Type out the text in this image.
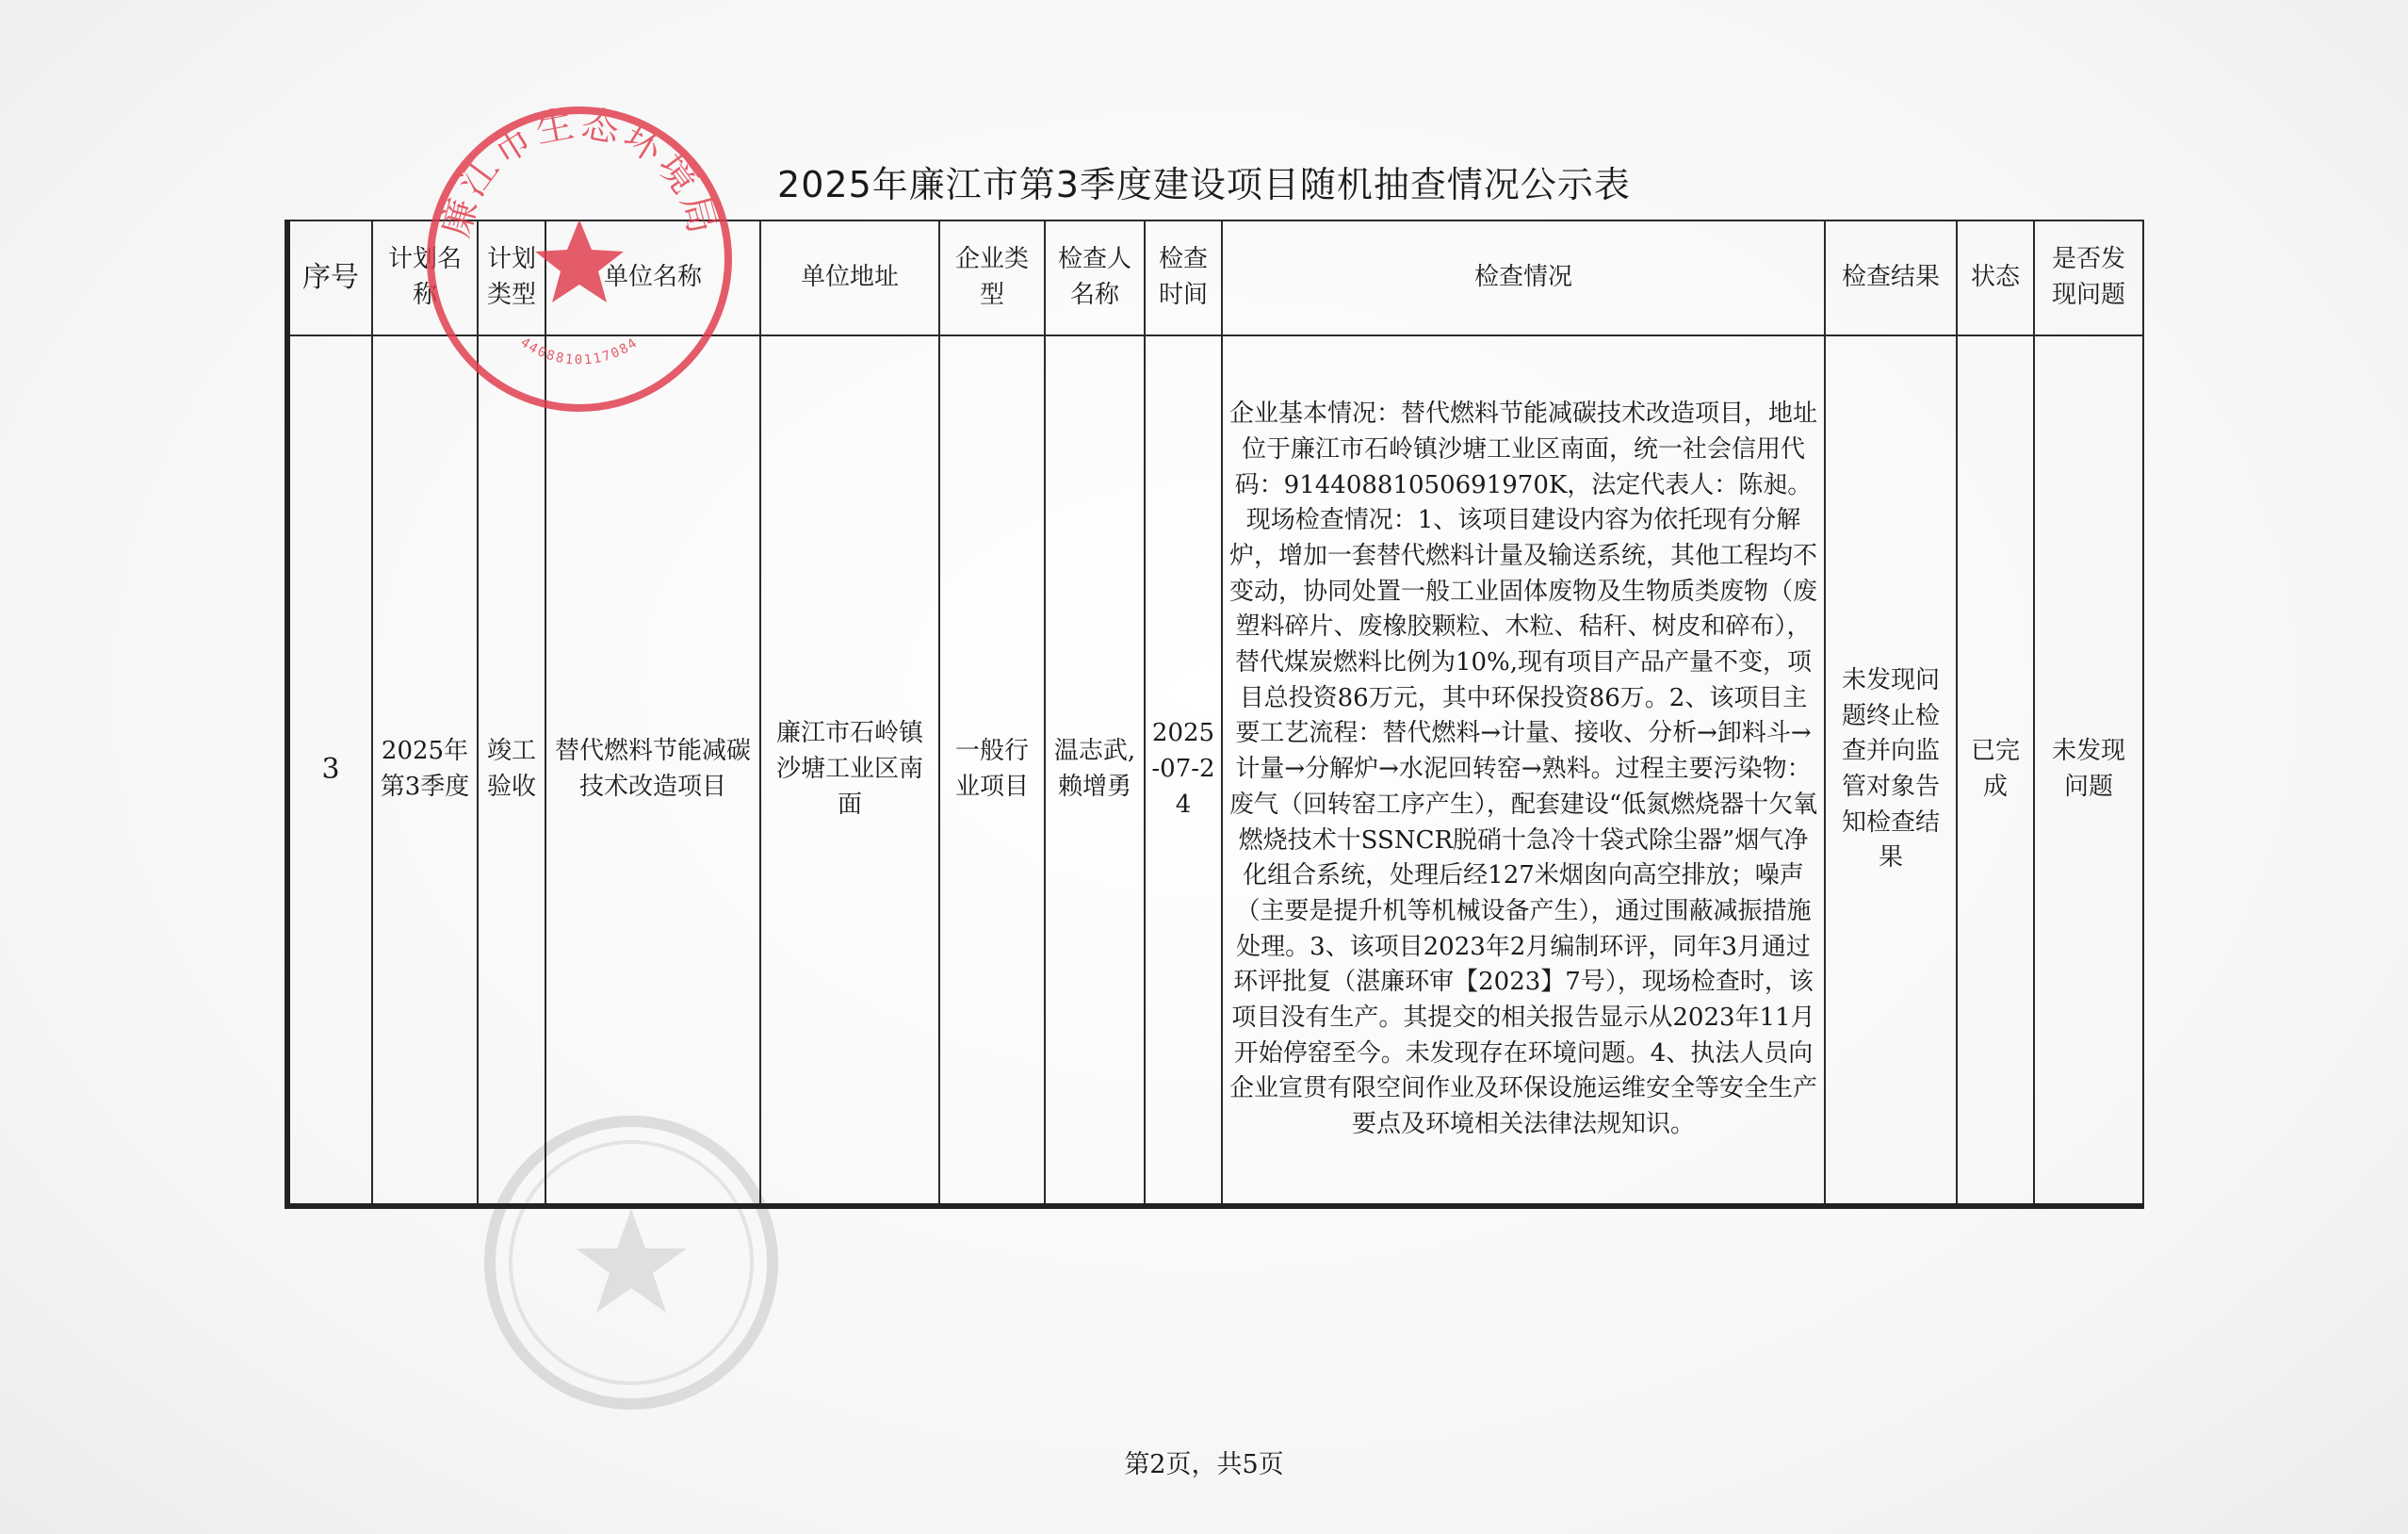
2025年廉江市第3季度建设项目随机抽查情况公示表
序号	计划名称	计划类型	单位名称	单位地址	企业类型	检查人名称	检查时间	检查情况	检查结果	状态	是否发现问题
3	2025年第3季度	竣工验收	替代燃料节能减碳技术改造项目	廉江市石岭镇沙塘工业区南面	一般行业项目	温志武,赖增勇	2025-07-24	企业基本情况：替代燃料节能减碳技术改造项目，地址位于廉江市石岭镇沙塘工业区南面，统一社会信用代码：91440881050691970K，法定代表人：陈昶。

现场检查情况：1、该项目建设内容为依托现有分解炉，增加一套替代燃料计量及输送系统，其他工程均不变动，协同处置一般工业固体废物及生物质类废物（废塑料碎片、废橡胶颗粒、木粒、秸秆、树皮和碎布），替代煤炭燃料比例为10%,现有项目产品产量不变，项目总投资86万元，其中环保投资86万。2、该项目主要工艺流程：替代燃料→计量、接收、分析→卸料斗→计量→分解炉→水泥回转窑→熟料。过程主要污染物：废气（回转窑工序产生），配套建设“低氮燃烧器十欠氧燃烧技术十SSNCR脱硝十急冷十袋式除尘器”烟气净化组合系统，处理后经127米烟囱向高空排放；噪声（主要是提升机等机械设备产生），通过围蔽减振措施处理。3、该项目2023年2月编制环评，同年3月通过环评批复（湛廉环审【2023】7号），现场检查时，该项目没有生产。其提交的相关报告显示从2023年11月开始停窑至今。未发现存在环境问题。4、执法人员向企业宣贯有限空间作业及环保设施运维安全等安全生产要点及环境相关法律法规知识。	未发现问题终止检查并向监管对象告知检查结果	已完成	未发现问题
廉江市生态环境局
4408810117084
第2页，共5页
